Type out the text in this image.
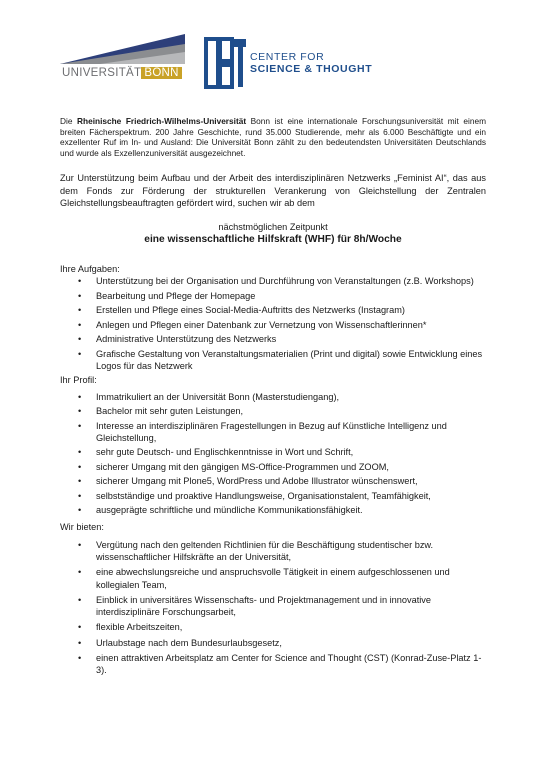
UNIVERSITÄT BONN
CENTER FOR
SCIENCE & THOUGHT

Die Rheinische Friedrich-Wilhelms-Universität Bonn ist eine internationale Forschungsuniversität mit einem breiten Fächerspektrum. 200 Jahre Geschichte, rund 35.000 Studierende, mehr als 6.000 Beschäftigte und ein exzellenter Ruf im In- und Ausland: Die Universität Bonn zählt zu den bedeutendsten Universitäten Deutschlands und wurde als Exzellenzuniversität ausgezeichnet.

Zur Unterstützung beim Aufbau und der Arbeit des interdisziplinären Netzwerks „Feminist AI“, das aus dem Fonds zur Förderung der strukturellen Verankerung von Gleichstellung der Zentralen Gleichstellungsbeauftragten gefördert wird, suchen wir ab dem

nächstmöglichen Zeitpunkt

eine wissenschaftliche Hilfskraft (WHF) für 8h/Woche

Ihre Aufgaben:

• Unterstützung bei der Organisation und Durchführung von Veranstaltungen (z.B. Workshops)
• Bearbeitung und Pflege der Homepage
• Erstellen und Pflege eines Social-Media-Auftritts des Netzwerks (Instagram)
• Anlegen und Pflegen einer Datenbank zur Vernetzung von Wissenschaftlerinnen*
• Administrative Unterstützung des Netzwerks
• Grafische Gestaltung von Veranstaltungsmaterialien (Print und digital) sowie Entwicklung eines Logos für das Netzwerk

Ihr Profil:

• Immatrikuliert an der Universität Bonn (Masterstudiengang),
• Bachelor mit sehr guten Leistungen,
• Interesse an interdisziplinären Fragestellungen in Bezug auf Künstliche Intelligenz und Gleichstellung,
• sehr gute Deutsch- und Englischkenntnisse in Wort und Schrift,
• sicherer Umgang mit den gängigen MS-Office-Programmen und ZOOM,
• sicherer Umgang mit Plone5, WordPress und Adobe Illustrator wünschenswert,
• selbstständige und proaktive Handlungsweise, Organisationstalent, Teamfähigkeit,
• ausgeprägte schriftliche und mündliche Kommunikationsfähigkeit.

Wir bieten:

• Vergütung nach den geltenden Richtlinien für die Beschäftigung studentischer bzw. wissenschaftlicher Hilfskräfte an der Universität,
• eine abwechslungsreiche und anspruchsvolle Tätigkeit in einem aufgeschlossenen und kollegialen Team,
• Einblick in universitäres Wissenschafts- und Projektmanagement und in innovative interdisziplinäre Forschungsarbeit,
• flexible Arbeitszeiten,
• Urlaubstage nach dem Bundesurlaubsgesetz,
• einen attraktiven Arbeitsplatz am Center for Science and Thought (CST) (Konrad-Zuse-Platz 1-3).
